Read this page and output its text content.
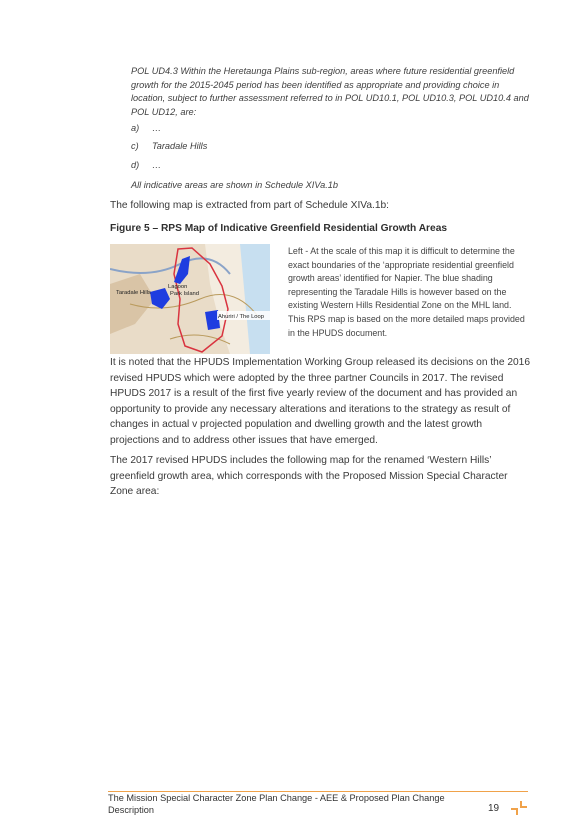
POL UD4.3 Within the Heretaunga Plains sub-region, areas where future residential greenfield growth for the 2015-2045 period has been identified as appropriate and providing choice in location, subject to further assessment referred to in POL UD10.1, POL UD10.3, POL UD10.4 and POL UD12, are:
a) …
c) Taradale Hills
d) …
All indicative areas are shown in Schedule XIVa.1b
The following map is extracted from part of Schedule XIVa.1b:
Figure 5 – RPS Map of Indicative Greenfield Residential Growth Areas
Taradale Hills
Lagoon
Park Island
Ahuriri / The Loop
Left - At the scale of this map it is difficult to determine the exact boundaries of the ‘appropriate residential greenfield growth areas’ identified for Napier. The blue shading representing the Taradale Hills is however based on the existing Western Hills Residential Zone on the MHL land. This RPS map is based on the more detailed maps provided in the HPUDS document.
It is noted that the HPUDS Implementation Working Group released its decisions on the 2016 revised HPUDS which were adopted by the three partner Councils in 2017. The revised HPUDS 2017 is a result of the first five yearly review of the document and has provided an opportunity to provide any necessary alterations and iterations to the strategy as result of changes in actual v projected population and dwelling growth and the latest growth projections and to address other issues that have emerged.
The 2017 revised HPUDS includes the following map for the renamed ‘Western Hills’ greenfield growth area, which corresponds with the Proposed Mission Special Character Zone area:
The Mission Special Character Zone Plan Change - AEE & Proposed Plan Change Description	19
